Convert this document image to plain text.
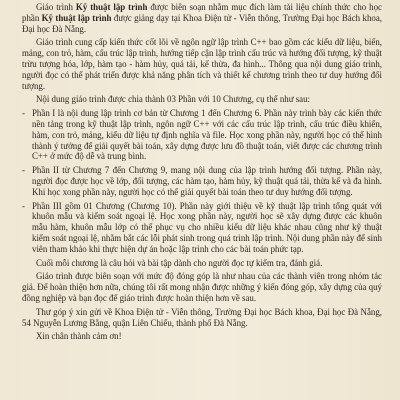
Giáo trình Kỹ thuật lập trình được biên soạn nhằm mục đích làm tài liệu chính thức cho học phần Kỹ thuật lập trình được giảng dạy tại Khoa Điện tử - Viễn thông, Trường Đại học Bách khoa, Đại học Đà Nẵng.

Giáo trình cung cấp kiến thức cốt lõi về ngôn ngữ lập trình C++ bao gồm các kiểu dữ liệu, biến, mảng, con trỏ, hàm, cấu trúc lập trình, hướng tiếp cận lập trình cấu trúc và hướng đối tượng, kỹ thuật trừu tượng hóa, lớp, hàm tạo - hàm hủy, quá tải, kế thừa, đa hình... Thông qua nội dung giáo trình, người đọc có thể phát triển được khả năng phân tích và thiết kế chương trình theo tư duy hướng đối tượng.

Nội dung giáo trình được chia thành 03 Phần với 10 Chương, cụ thể như sau:

- Phần I là nội dung lập trình cơ bản từ Chương 1 đến Chương 6. Phần này trình bày các kiến thức nền tảng trong kỹ thuật lập trình, ngôn ngữ C++ với các cấu trúc lập trình, cấu trúc điều khiển, hàm, con trỏ, mảng, kiểu dữ liệu tự định nghĩa và file. Học xong phần này, người học có thể hình thành ý tưởng để giải quyết bài toán, xây dựng được lưu đồ thuật toán, viết được các chương trình C++ ở mức độ dễ và trung bình.
- Phần II từ Chương 7 đến Chương 9, mang nội dung của lập trình hướng đối tượng. Phần này, người đọc được học về lớp, đối tượng, các hàm tạo, hàm hủy, kỹ thuật quá tải, thừa kế và đa hình. Khi học xong phần này, người học có thể giải quyết bài toán theo tư duy hướng đối tượng.
- Phần III gồm 01 Chương (Chương 10). Phần này giới thiệu về kỹ thuật lập trình tổng quát với khuôn mẫu và kiểm soát ngoại lệ. Học xong phần này, người học sẽ xây dựng được các khuôn mẫu hàm, khuôn mẫu lớp có thể phục vụ cho nhiều kiểu dữ liệu khác nhau cũng như kỹ thuật kiểm soát ngoại lệ, nhằm bắt các lỗi phát sinh trong quá trình lập trình. Nội dung phần này để sinh viên tham khảo khi thực hiện dự án hoặc lập trình cho các bài toán phức tạp.

Cuối mỗi chương là câu hỏi và bài tập dành cho người đọc tự kiểm tra, đánh giá.

Giáo trình được biên soạn với mức độ đóng góp là như nhau của các thành viên trong nhóm tác giả. Để hoàn thiện hơn nữa, chúng tôi rất mong nhận được những ý kiến đóng góp, xây dựng của quý đồng nghiệp và bạn đọc để giáo trình được hoàn thiện hơn về sau.

Thư góp ý xin gửi về Khoa Điện tử - Viễn thông, Trường Đại học Bách khoa, Đại học Đà Nẵng, 54 Nguyễn Lương Bằng, quận Liên Chiểu, thành phố Đà Nẵng.

Xin chân thành cảm ơn!
